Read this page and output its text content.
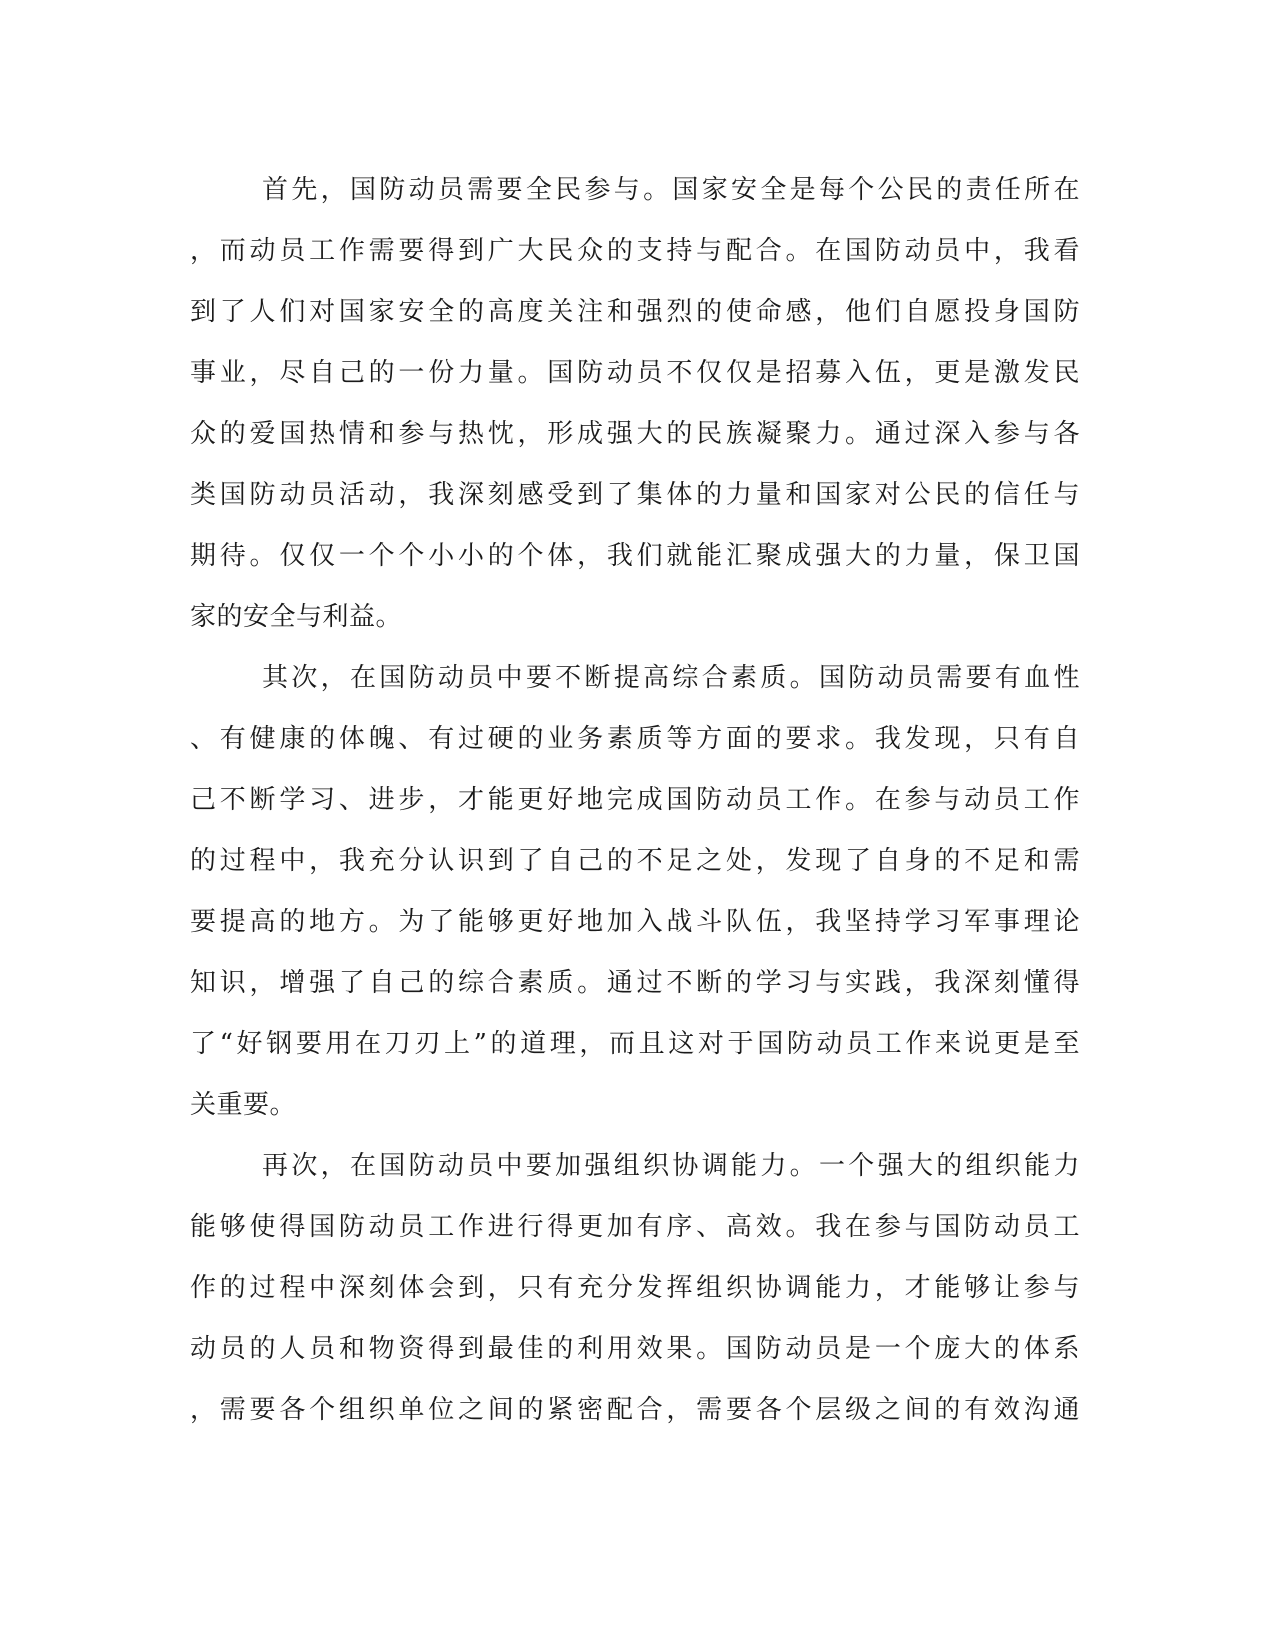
首先，国防动员需要全民参与。国家安全是每个公民的责任所在
，而动员工作需要得到广大民众的支持与配合。在国防动员中，我看
到了人们对国家安全的高度关注和强烈的使命感，他们自愿投身国防
事业，尽自己的一份力量。国防动员不仅仅是招募入伍，更是激发民
众的爱国热情和参与热忱，形成强大的民族凝聚力。通过深入参与各
类国防动员活动，我深刻感受到了集体的力量和国家对公民的信任与
期待。仅仅一个个小小的个体，我们就能汇聚成强大的力量，保卫国
家的安全与利益。
其次，在国防动员中要不断提高综合素质。国防动员需要有血性
、有健康的体魄、有过硬的业务素质等方面的要求。我发现，只有自
己不断学习、进步，才能更好地完成国防动员工作。在参与动员工作
的过程中，我充分认识到了自己的不足之处，发现了自身的不足和需
要提高的地方。为了能够更好地加入战斗队伍，我坚持学习军事理论
知识，增强了自己的综合素质。通过不断的学习与实践，我深刻懂得
了“好钢要用在刀刃上”的道理，而且这对于国防动员工作来说更是至
关重要。
再次，在国防动员中要加强组织协调能力。一个强大的组织能力
能够使得国防动员工作进行得更加有序、高效。我在参与国防动员工
作的过程中深刻体会到，只有充分发挥组织协调能力，才能够让参与
动员的人员和物资得到最佳的利用效果。国防动员是一个庞大的体系
，需要各个组织单位之间的紧密配合，需要各个层级之间的有效沟通
